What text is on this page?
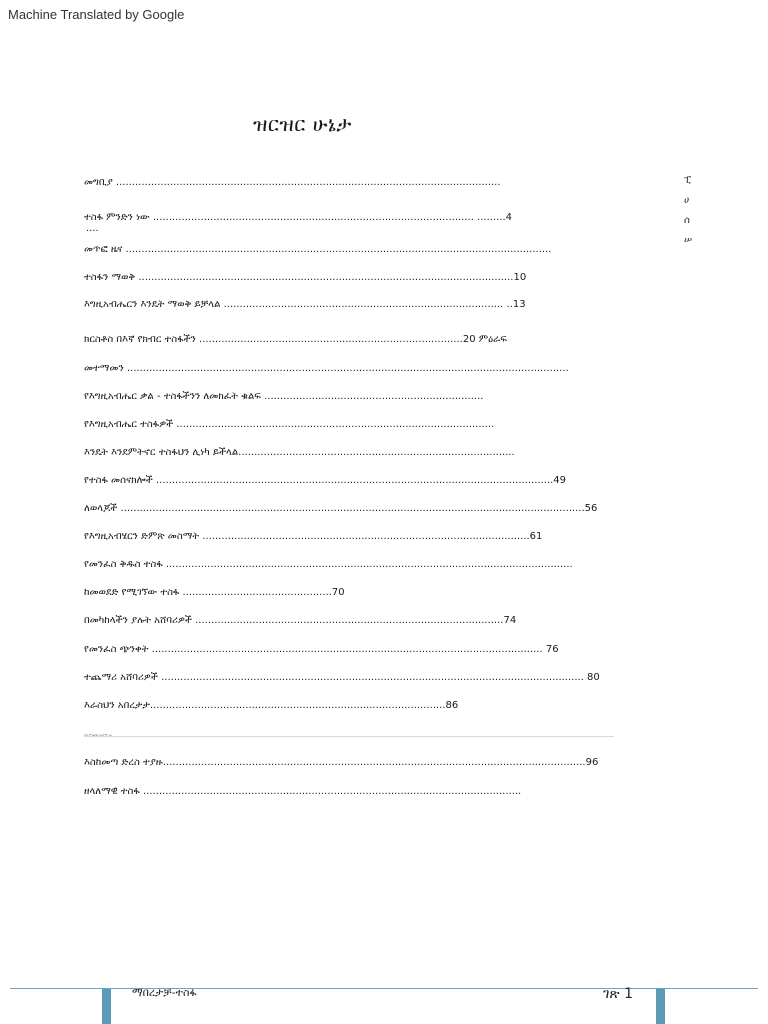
Machine Translated by Google
ዝርዝር ሁኔታ
መግቢያ .........................................................................................................................
ተስፋ ምንድን ነው ..................................................................................................... .........4
....
መጥፎ ዜና ......................................................................................................................................
ተስፋን ማወቅ ......................................................................................................................10
እግዚአብሔርን እንዴት ማወቅ ይቻላል ........................................................................................ ..13
ክርስቶስ በእኛ የክብር ተስፋችን ...................................................................................20 ምዕራፍ
መተማመን ...........................................................................................................................................
የእግዚአብሔር ቃል - ተስፋችንን ለመክፈት ቁልፍ .....................................................................
የእግዚአብሔር ተስፋዎች ....................................................................................................
እንዴት እንደምትኖር ተስፋህን ሊነካ ይችላል.......................................................................................
የተስፋ መሰናክሎች .............................................................................................................................49
ለወላጆች ..................................................................................................................................................56
የእግዚአብሄርን ድምጽ መስማት .......................................................................................................61
የመንፈስ ቅዱስ ተስፋ ................................................................................................................................
ከመወደድ የሚገኘው ተስፋ ...............................................70
በመካከላችን ያሉት አሸባሪዎች .................................................................................................74
የመንፈስ ጭንቀት ........................................................................................................................... 76
ተጨማሪ አሸባሪዎች ..................................................................................................................................... 80
እራስህን አበረታታ.............................................................................................86
እስከመጣ ድረስ ተያዙ.....................................................................................................................................96
ዘላለማዊ ተስፋ .......................................................................................................................
ይህ ምናልባት ጠቃሚ ነው
ፒ
ሀ
ሰ
ሠ
ማበረታቻ-ተስፋ	ገጽ 1
